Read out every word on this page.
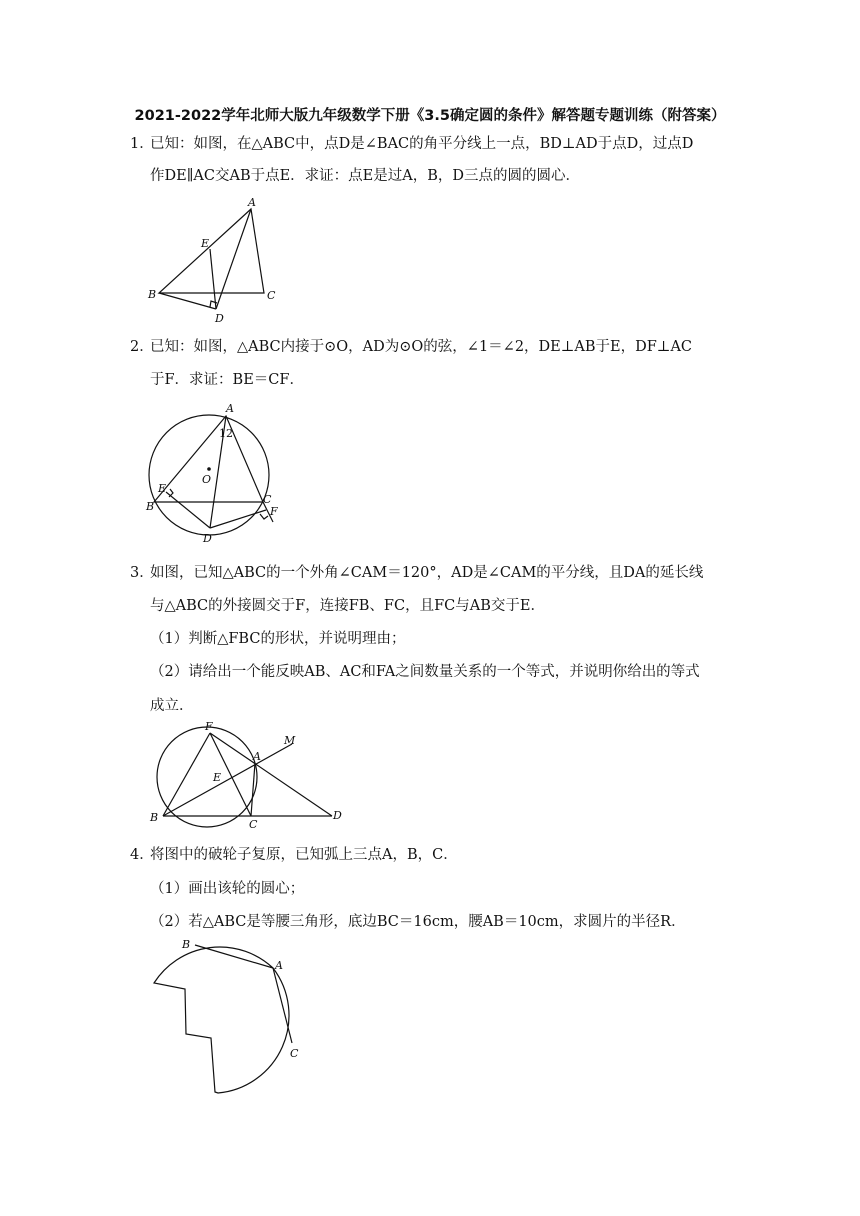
2021-2022学年北师大版九年级数学下册《3.5确定圆的条件》解答题专题训练（附答案）
1．已知：如图，在△ABC中，点D是∠BAC的角平分线上一点，BD⊥AD于点D，过点D
作DE∥AC交AB于点E．求证：点E是过A，B，D三点的圆的圆心．
A
E
B	C
D
2．已知：如图，△ABC内接于⊙O，AD为⊙O的弦，∠1＝∠2，DE⊥AB于E，DF⊥AC
于F．求证：BE＝CF．
A
1 2
O
E
B
C
F
D
3．如图，已知△ABC的一个外角∠CAM＝120°，AD是∠CAM的平分线，且DA的延长线
与△ABC的外接圆交于F，连接FB、FC，且FC与AB交于E．
（1）判断△FBC的形状，并说明理由；
（2）请给出一个能反映AB、AC和FA之间数量关系的一个等式，并说明你给出的等式
成立．
F
A
M
E
B
C
D
4．将图中的破轮子复原，已知弧上三点A，B，C．
（1）画出该轮的圆心；
（2）若△ABC是等腰三角形，底边BC＝16cm，腰AB＝10cm，求圆片的半径R．
B
A
C
